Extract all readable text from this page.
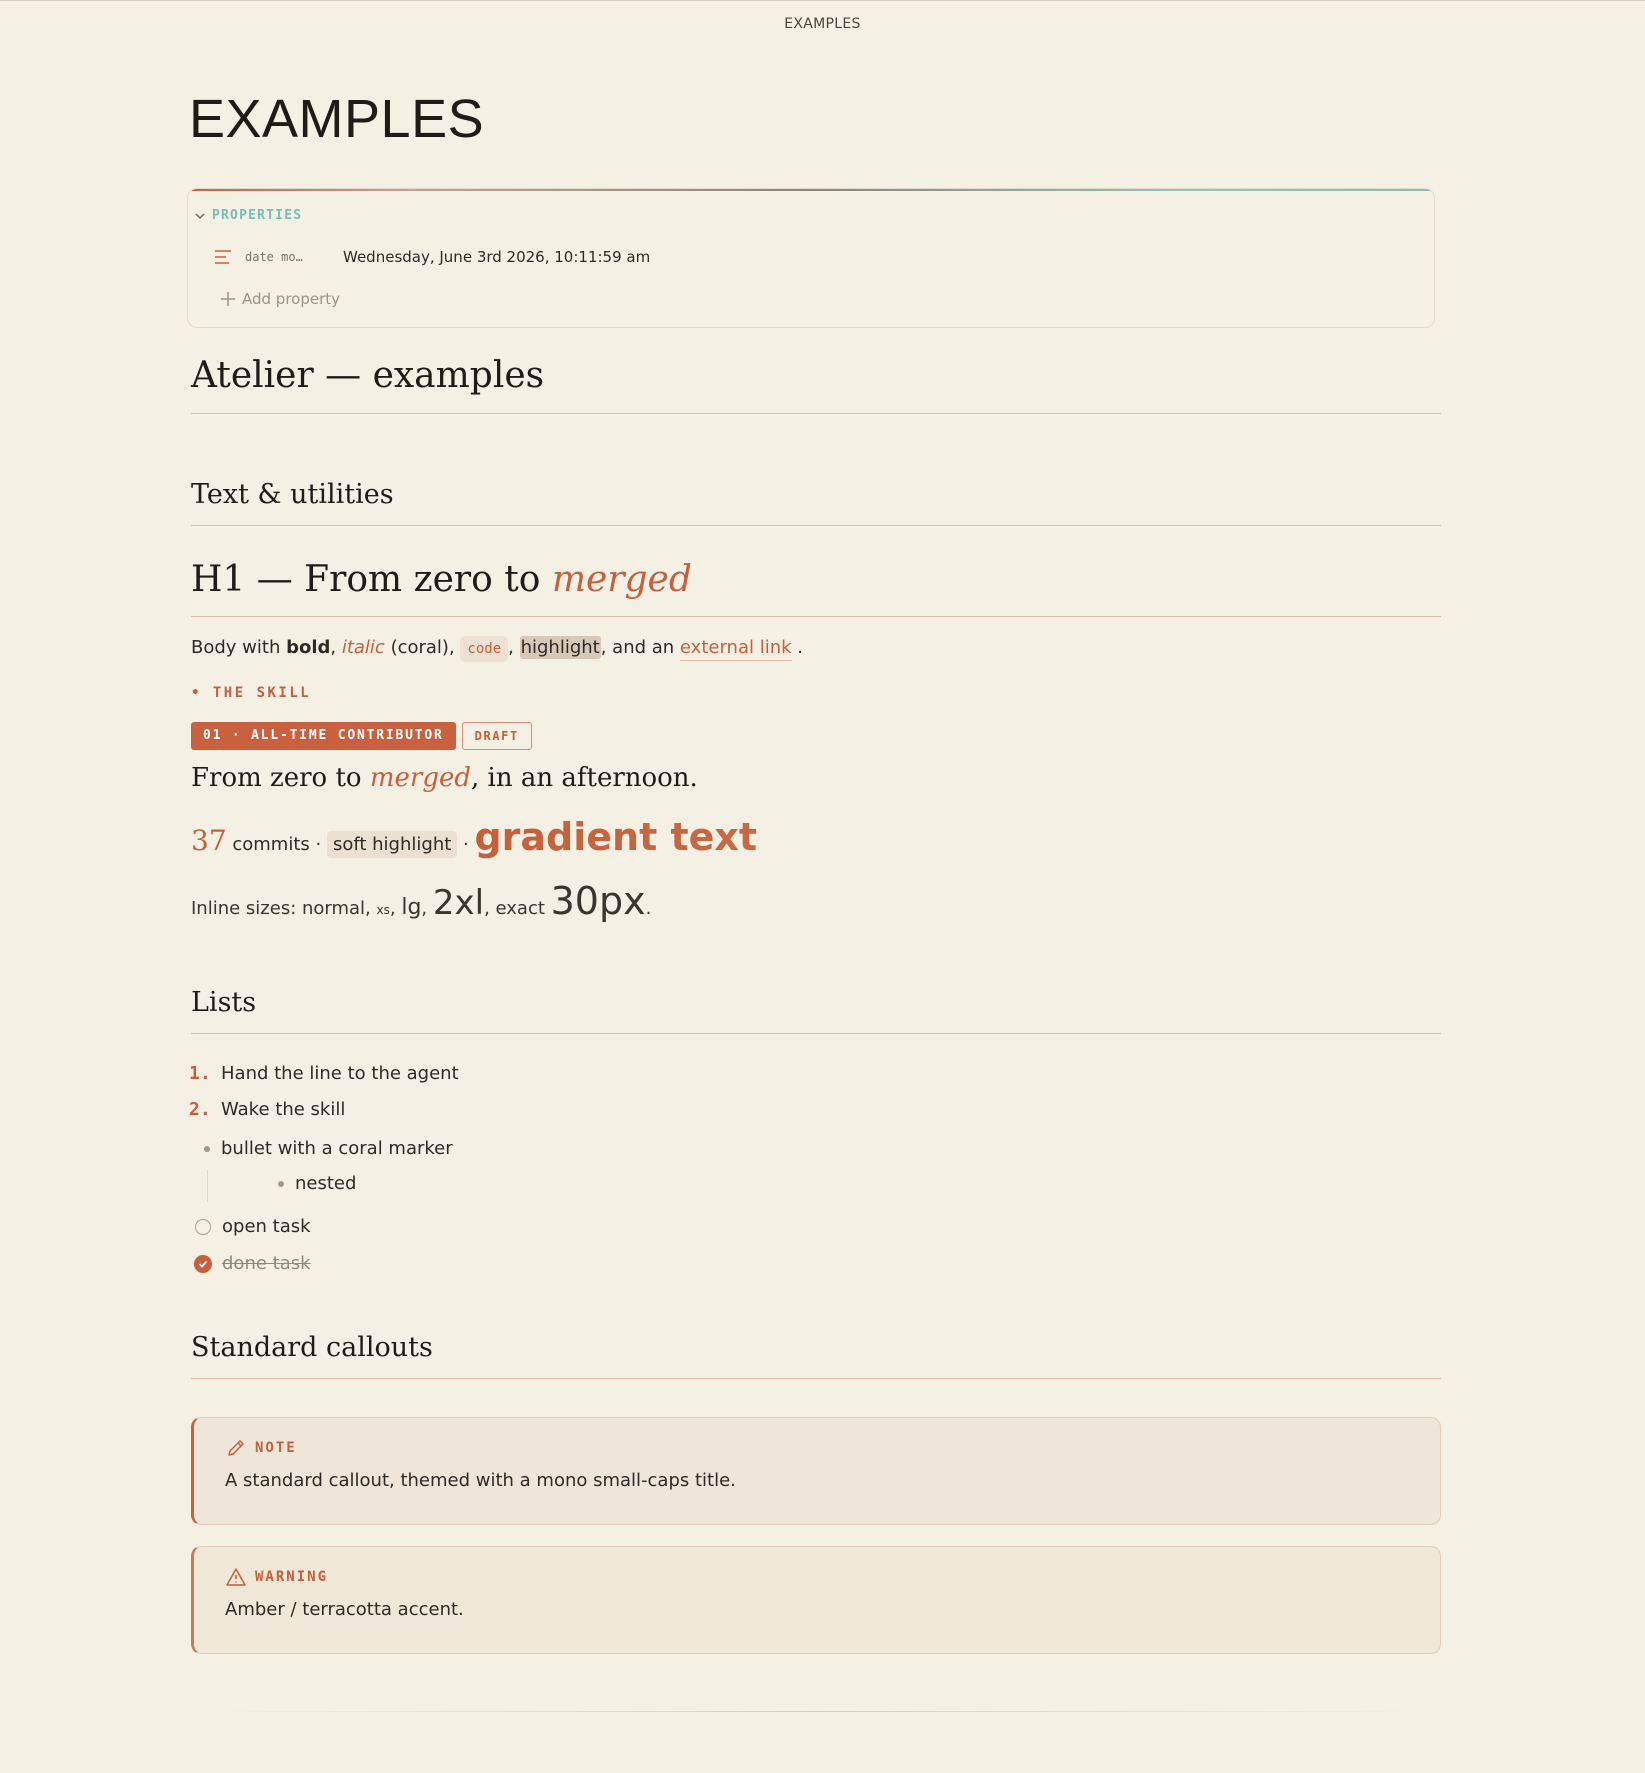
EXAMPLES
EXAMPLES
PROPERTIES
date mo…	Wednesday, June 3rd 2026, 10:11:59 am
Add property
Atelier — examples
Text & utilities
H1 — From zero to merged
Body with bold, italic (coral), code , highlight, and an external link .
• THE SKILL
01 · ALL-TIME CONTRIBUTOR	DRAFT
From zero to merged, in an afternoon.
37 commits · soft highlight · gradient text
Inline sizes: normal, xs, lg, 2xl, exact 30px.
Lists
1. Hand the line to the agent
2. Wake the skill
bullet with a coral marker
nested
open task
done task
Standard callouts
NOTE
A standard callout, themed with a mono small-caps title.
WARNING
Amber / terracotta accent.
